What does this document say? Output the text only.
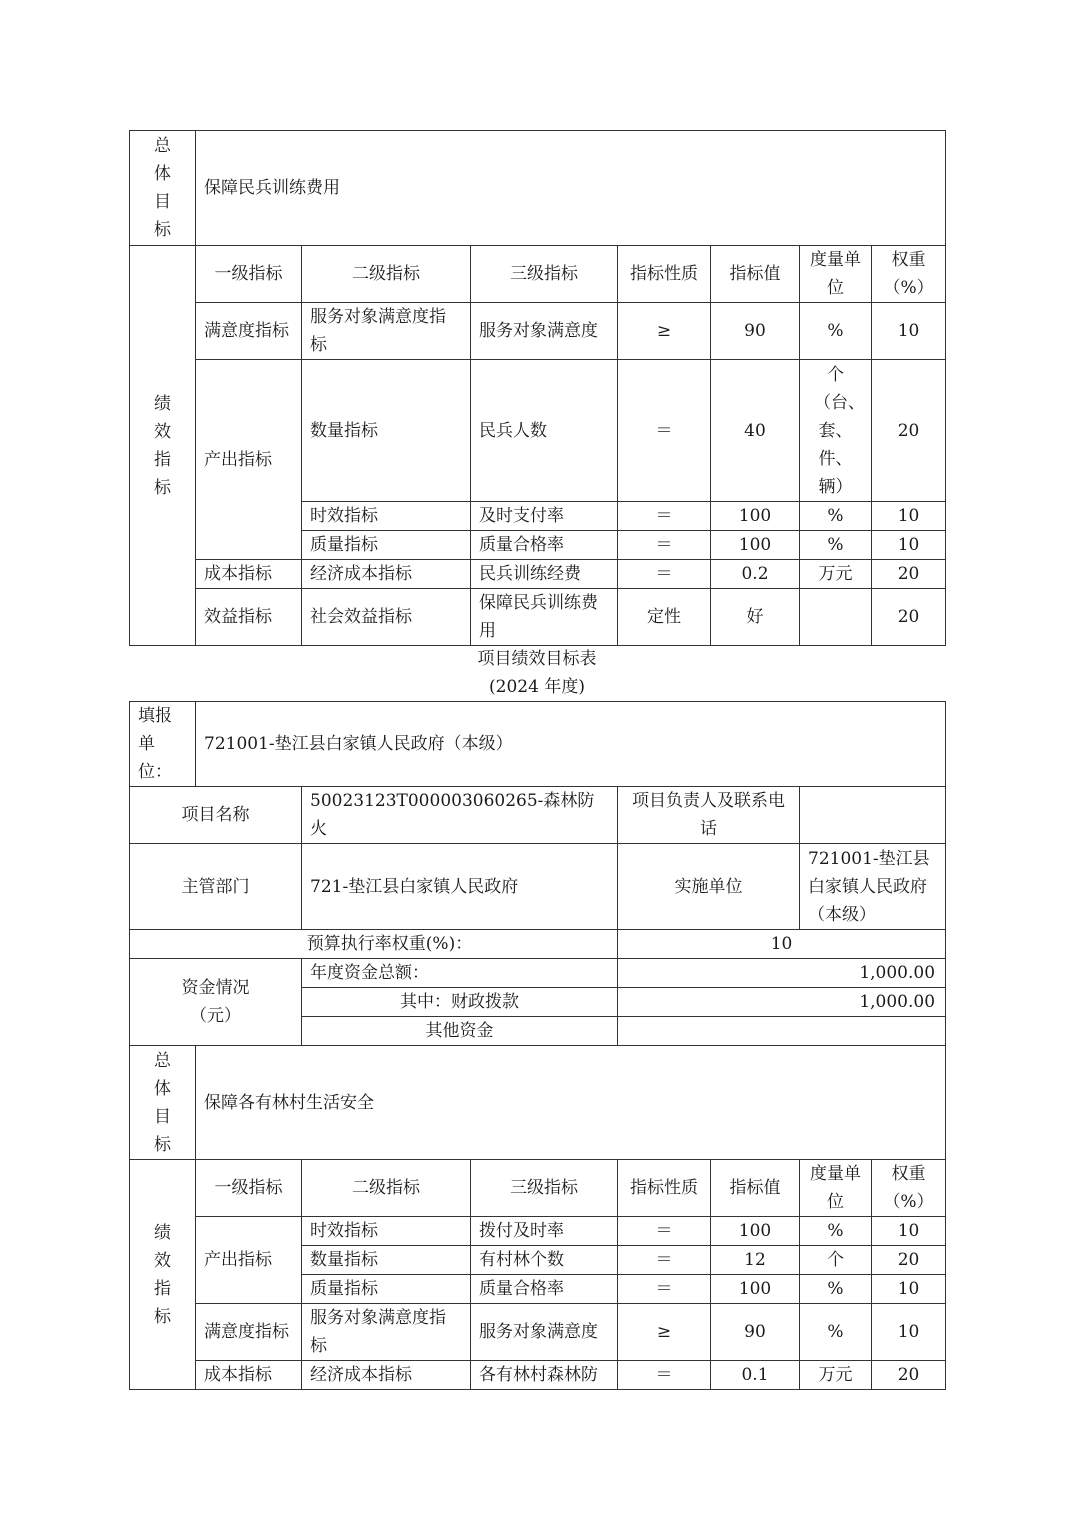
总
体
目
标	保障民兵训练费用						

绩
效
指
标	一级指标	二级指标	三级指标	指标性质	指标值	度量单位	权重（%）
	满意度指标	服务对象满意度指标	服务对象满意度	≥	90	%	10
	产出指标	数量指标	民兵人数	＝	40	个（台、套、件、辆）	20
		时效指标	及时支付率	＝	100	%	10
		质量指标	质量合格率	＝	100	%	10
	成本指标	经济成本指标	民兵训练经费	＝	0.2	万元	20
	效益指标	社会效益指标	保障民兵训练费用	定性	好		20
项目绩效目标表
(2024 年度)
填报单位：	721001-垫江县白家镇人民政府（本级）						
项目名称		50023123T000003060265-森林防火		项目负责人及联系电话			
主管部门		721-垫江县白家镇人民政府		实施单位		721001-垫江县白家镇人民政府（本级）	
预算执行率权重(%)：				10			
资金情况（元）		年度资金总额：		1,000.00			
		其中：财政拨款		1,000.00			
		其他资金					

总
体
目
标	保障各有林村生活安全						

绩
效
指
标	一级指标	二级指标	三级指标	指标性质	指标值	度量单位	权重（%）
	产出指标	时效指标	拨付及时率	＝	100	%	10
		数量指标	有村林个数	＝	12	个	20
		质量指标	质量合格率	＝	100	%	10
	满意度指标	服务对象满意度指标	服务对象满意度	≥	90	%	10
	成本指标	经济成本指标	各有林村森林防	＝	0.1	万元	20
